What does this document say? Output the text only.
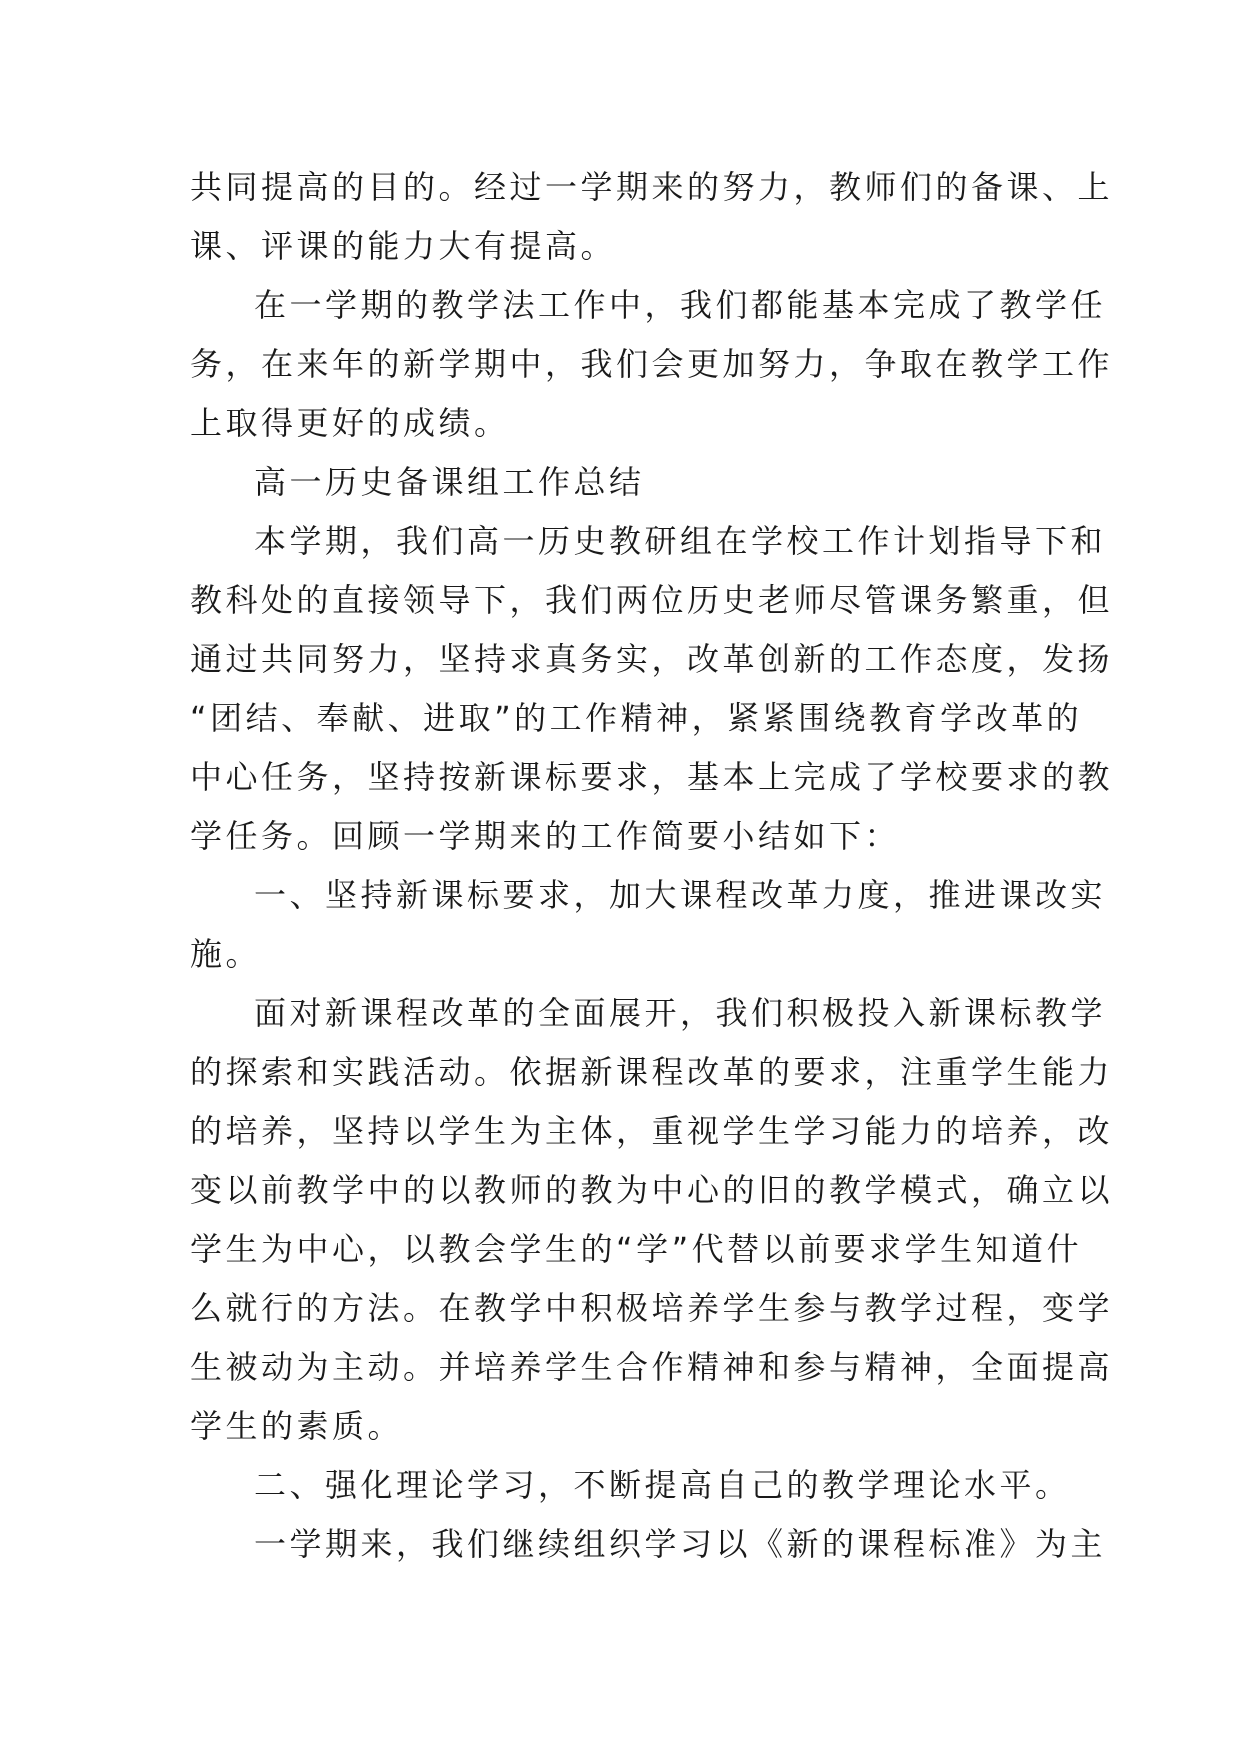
共同提高的目的。经过一学期来的努力，教师们的备课、上
课、评课的能力大有提高。
在一学期的教学法工作中，我们都能基本完成了教学任
务，在来年的新学期中，我们会更加努力，争取在教学工作
上取得更好的成绩。
高一历史备课组工作总结
本学期，我们高一历史教研组在学校工作计划指导下和
教科处的直接领导下，我们两位历史老师尽管课务繁重，但
通过共同努力，坚持求真务实，改革创新的工作态度，发扬
“团结、奉献、进取”的工作精神，紧紧围绕教育学改革的
中心任务，坚持按新课标要求，基本上完成了学校要求的教
学任务。回顾一学期来的工作简要小结如下：
一、坚持新课标要求，加大课程改革力度，推进课改实
施。
面对新课程改革的全面展开，我们积极投入新课标教学
的探索和实践活动。依据新课程改革的要求，注重学生能力
的培养，坚持以学生为主体，重视学生学习能力的培养，改
变以前教学中的以教师的教为中心的旧的教学模式，确立以
学生为中心，以教会学生的“学”代替以前要求学生知道什
么就行的方法。在教学中积极培养学生参与教学过程，变学
生被动为主动。并培养学生合作精神和参与精神，全面提高
学生的素质。
二、强化理论学习，不断提高自己的教学理论水平。
一学期来，我们继续组织学习以《新的课程标准》为主
